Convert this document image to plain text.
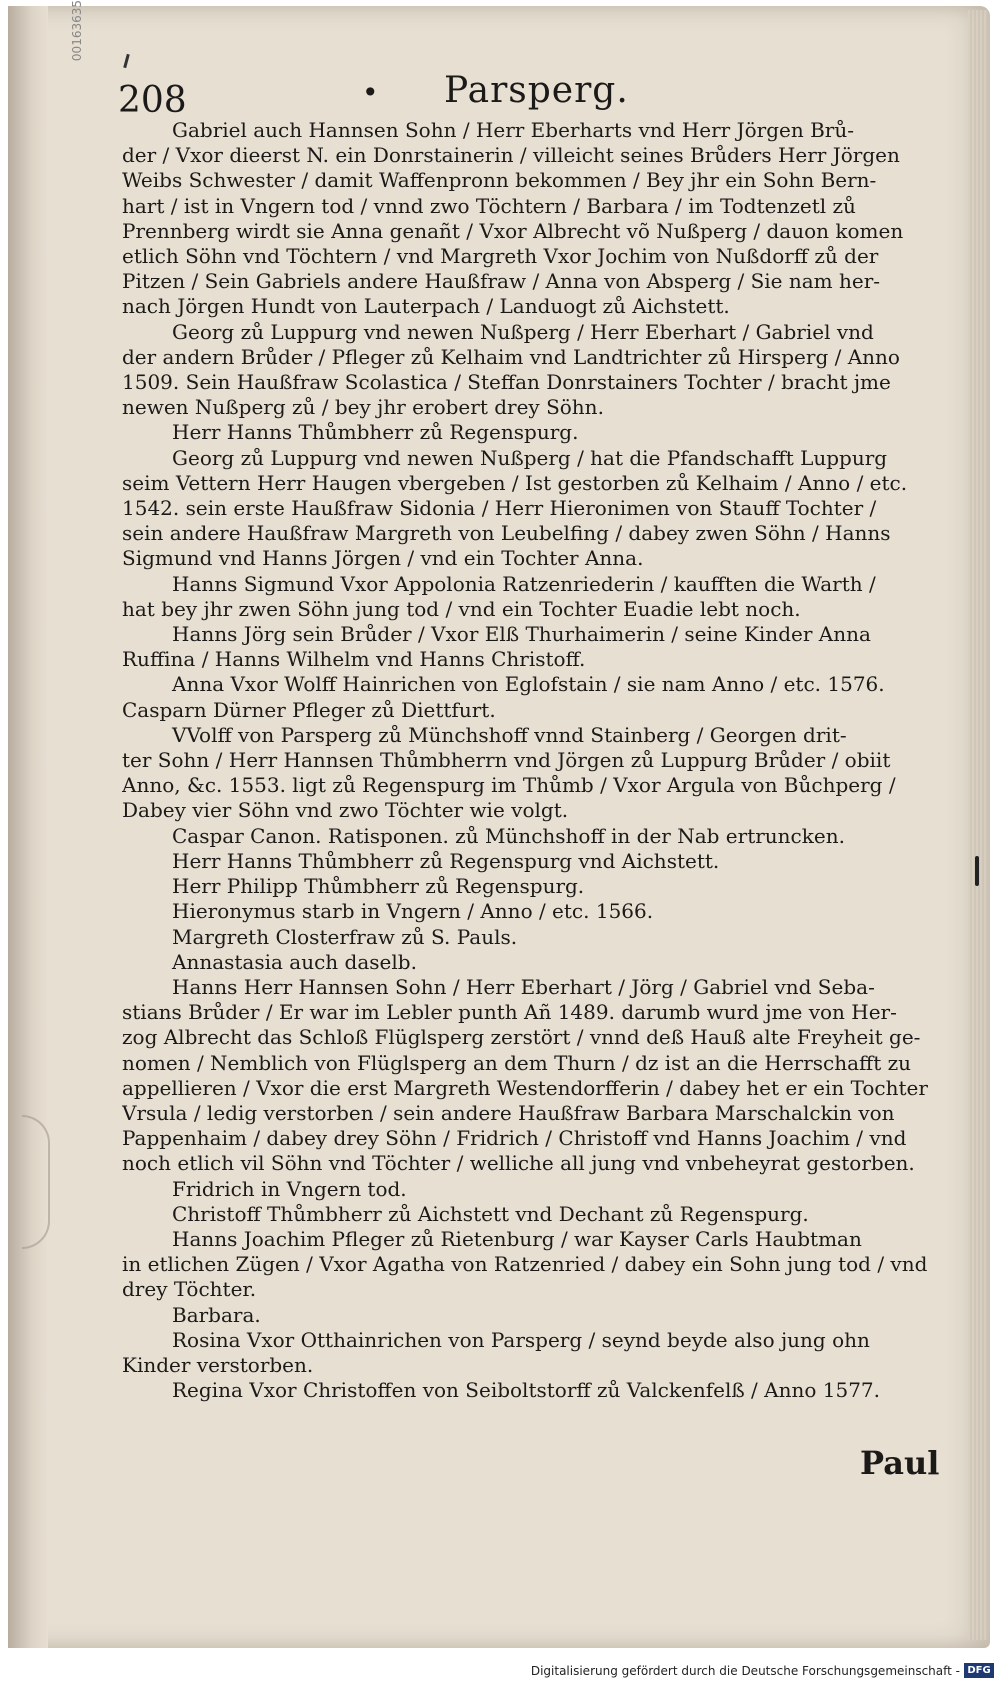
00163635
208	• Parsperg.
Gabriel auch Hannsen Sohn / Herr Eberharts vnd Herr Jörgen Brů-
der / Vxor dieerst N. ein Donrstainerin / villeicht seines Brůders Herr Jörgen
Weibs Schwester / damit Waffenpronn bekommen / Bey jhr ein Sohn Bern-
hart / ist in Vngern tod / vnnd zwo Töchtern / Barbara / im Todtenzetl zů
Prennberg wirdt sie Anna genañt / Vxor Albrecht võ Nußperg / dauon komen
etlich Söhn vnd Töchtern / vnd Margreth Vxor Jochim von Nußdorff zů der
Pitzen / Sein Gabriels andere Haußfraw / Anna von Absperg / Sie nam her-
nach Jörgen Hundt von Lauterpach / Landuogt zů Aichstett.
Georg zů Luppurg vnd newen Nußperg / Herr Eberhart / Gabriel vnd
der andern Brůder / Pfleger zů Kelhaim vnd Landtrichter zů Hirsperg / Anno
1509. Sein Haußfraw Scolastica / Steffan Donrstainers Tochter / bracht jme
newen Nußperg zů / bey jhr erobert drey Söhn.
Herr Hanns Thůmbherr zů Regenspurg.
Georg zů Luppurg vnd newen Nußperg / hat die Pfandschafft Luppurg
seim Vettern Herr Haugen vbergeben / Ist gestorben zů Kelhaim / Anno / etc.
1542. sein erste Haußfraw Sidonia / Herr Hieronimen von Stauff Tochter /
sein andere Haußfraw Margreth von Leubelfing / dabey zwen Söhn / Hanns
Sigmund vnd Hanns Jörgen / vnd ein Tochter Anna.
Hanns Sigmund Vxor Appolonia Ratzenriederin / kaufften die Warth /
hat bey jhr zwen Söhn jung tod / vnd ein Tochter Euadie lebt noch.
Hanns Jörg sein Brůder / Vxor Elß Thurhaimerin / seine Kinder Anna
Ruffina / Hanns Wilhelm vnd Hanns Christoff.
Anna Vxor Wolff Hainrichen von Eglofstain / sie nam Anno / etc. 1576.
Casparn Dürner Pfleger zů Diettfurt.
VVolff von Parsperg zů Münchshoff vnnd Stainberg / Georgen drit-
ter Sohn / Herr Hannsen Thůmbherrn vnd Jörgen zů Luppurg Brůder / obiit
Anno, &c. 1553. ligt zů Regenspurg im Thůmb / Vxor Argula von Bůchperg /
Dabey vier Söhn vnd zwo Töchter wie volgt.
Caspar Canon. Ratisponen. zů Münchshoff in der Nab ertruncken.
Herr Hanns Thůmbherr zů Regenspurg vnd Aichstett.
Herr Philipp Thůmbherr zů Regenspurg.
Hieronymus starb in Vngern / Anno / etc. 1566.
Margreth Closterfraw zů S. Pauls.
Annastasia auch daselb.
Hanns Herr Hannsen Sohn / Herr Eberhart / Jörg / Gabriel vnd Seba-
stians Brůder / Er war im Lebler punth Añ 1489. darumb wurd jme von Her-
zog Albrecht das Schloß Flüglsperg zerstört / vnnd deß Hauß alte Freyheit ge-
nomen / Nemblich von Flüglsperg an dem Thurn / dz ist an die Herrschafft zu
appellieren / Vxor die erst Margreth Westendorfferin / dabey het er ein Tochter
Vrsula / ledig verstorben / sein andere Haußfraw Barbara Marschalckin von
Pappenhaim / dabey drey Söhn / Fridrich / Christoff vnd Hanns Joachim / vnd
noch etlich vil Söhn vnd Töchter / welliche all jung vnd vnbeheyrat gestorben.
Fridrich in Vngern tod.
Christoff Thůmbherr zů Aichstett vnd Dechant zů Regenspurg.
Hanns Joachim Pfleger zů Rietenburg / war Kayser Carls Haubtman
in etlichen Zügen / Vxor Agatha von Ratzenried / dabey ein Sohn jung tod / vnd
drey Töchter.
Barbara.
Rosina Vxor Otthainrichen von Parsperg / seynd beyde also jung ohn
Kinder verstorben.
Regina Vxor Christoffen von Seiboltstorff zů Valckenfelß / Anno 1577.
Paul
Digitalisierung gefördert durch die Deutsche Forschungsgemeinschaft - DFG
